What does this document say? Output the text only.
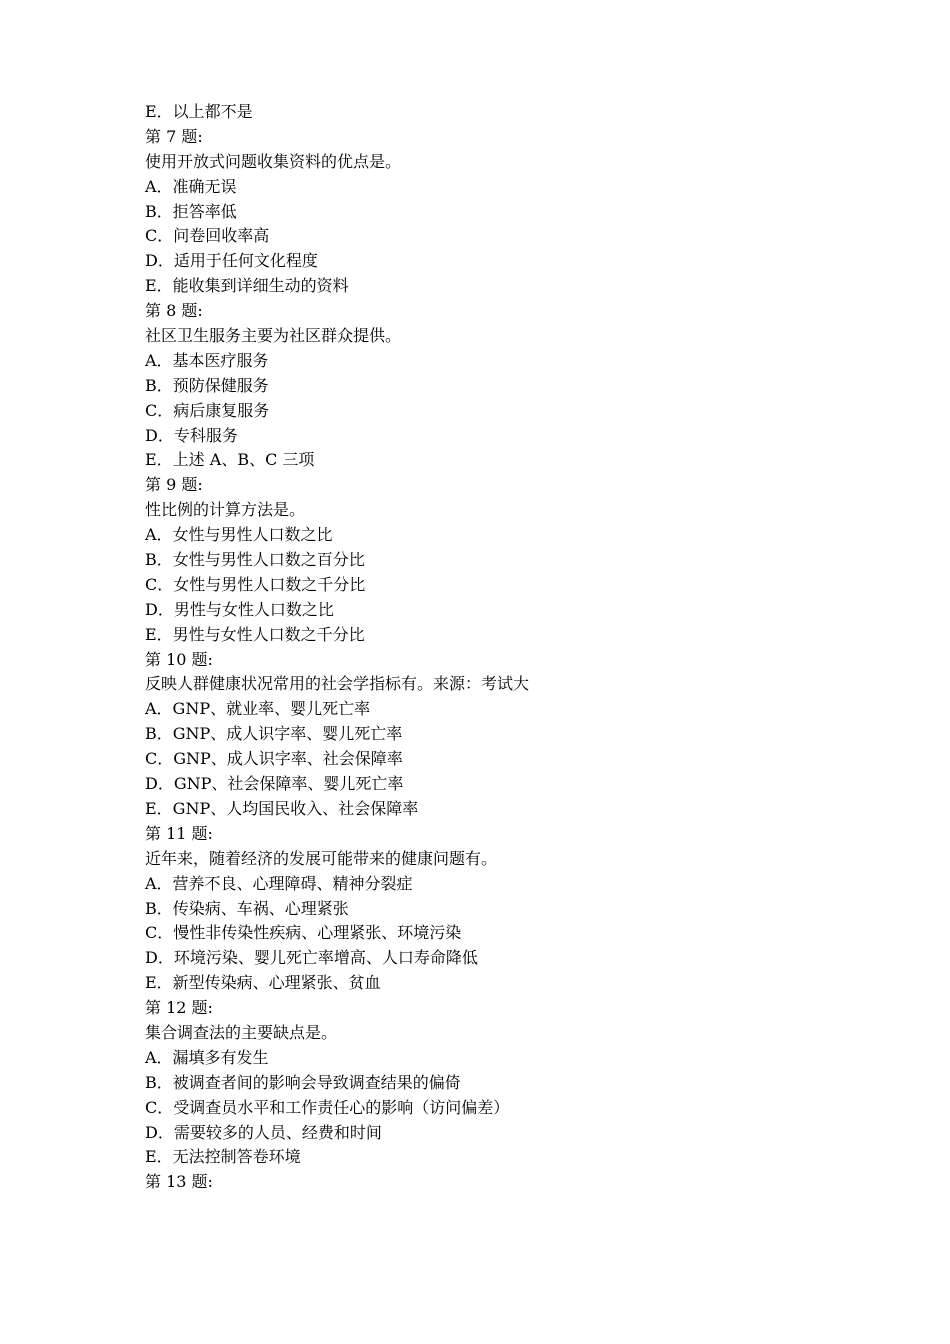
E．以上都不是
第 7 题:
使用开放式问题收集资料的优点是。
A．准确无误
B．拒答率低
C．问卷回收率高
D．适用于任何文化程度
E．能收集到详细生动的资料
第 8 题:
社区卫生服务主要为社区群众提供。
A．基本医疗服务
B．预防保健服务
C．病后康复服务
D．专科服务
E．上述 A、B、C 三项
第 9 题:
性比例的计算方法是。
A．女性与男性人口数之比
B．女性与男性人口数之百分比
C．女性与男性人口数之千分比
D．男性与女性人口数之比
E．男性与女性人口数之千分比
第 10 题:
反映人群健康状况常用的社会学指标有。来源：考试大
A．GNP、就业率、婴儿死亡率
B．GNP、成人识字率、婴儿死亡率
C．GNP、成人识字率、社会保障率
D．GNP、社会保障率、婴儿死亡率
E．GNP、人均国民收入、社会保障率
第 11 题:
近年来，随着经济的发展可能带来的健康问题有。
A．营养不良、心理障碍、精神分裂症
B．传染病、车祸、心理紧张
C．慢性非传染性疾病、心理紧张、环境污染
D．环境污染、婴儿死亡率增高、人口寿命降低
E．新型传染病、心理紧张、贫血
第 12 题:
集合调查法的主要缺点是。
A．漏填多有发生
B．被调查者间的影响会导致调查结果的偏倚
C．受调查员水平和工作责任心的影响（访问偏差）
D．需要较多的人员、经费和时间
E．无法控制答卷环境
第 13 题:
